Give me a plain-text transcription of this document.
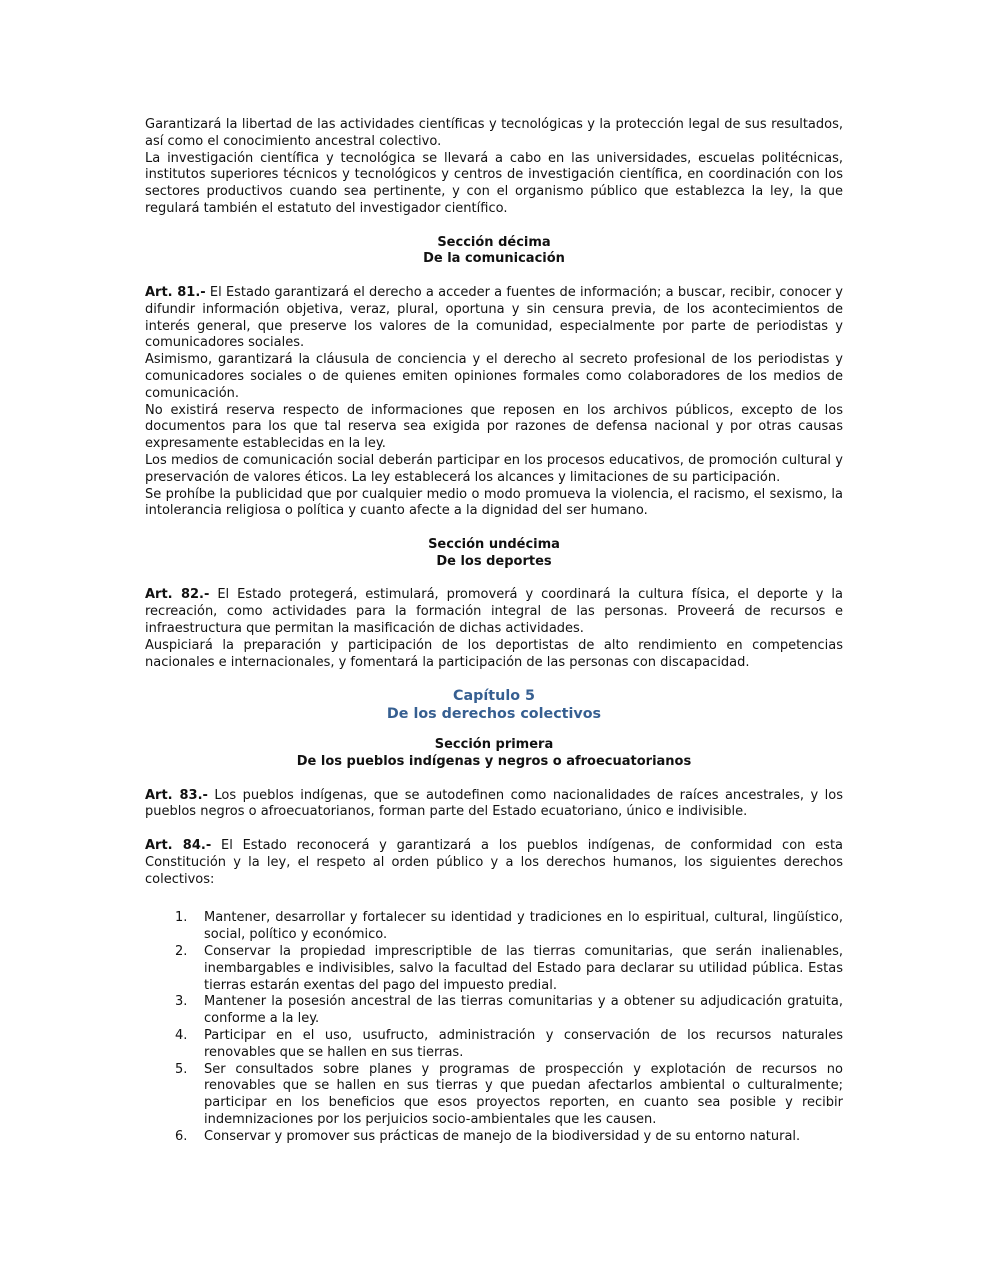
Garantizará la libertad de las actividades científicas y tecnológicas y la protección legal de sus resultados, así como el conocimiento ancestral colectivo.

La investigación científica y tecnológica se llevará a cabo en las universidades, escuelas politécnicas, institutos superiores técnicos y tecnológicos y centros de investigación científica, en coordinación con los sectores productivos cuando sea pertinente, y con el organismo público que establezca la ley, la que regulará también el estatuto del investigador científico.

Sección décima
De la comunicación

Art. 81.- El Estado garantizará el derecho a acceder a fuentes de información; a buscar, recibir, conocer y difundir información objetiva, veraz, plural, oportuna y sin censura previa, de los acontecimientos de interés general, que preserve los valores de la comunidad, especialmente por parte de periodistas y comunicadores sociales.

Asimismo, garantizará la cláusula de conciencia y el derecho al secreto profesional de los periodistas y comunicadores sociales o de quienes emiten opiniones formales como colaboradores de los medios de comunicación.

No existirá reserva respecto de informaciones que reposen en los archivos públicos, excepto de los documentos para los que tal reserva sea exigida por razones de defensa nacional y por otras causas expresamente establecidas en la ley.

Los medios de comunicación social deberán participar en los procesos educativos, de promoción cultural y preservación de valores éticos. La ley establecerá los alcances y limitaciones de su participación.

Se prohíbe la publicidad que por cualquier medio o modo promueva la violencia, el racismo, el sexismo, la intolerancia religiosa o política y cuanto afecte a la dignidad del ser humano.

Sección undécima
De los deportes

Art. 82.- El Estado protegerá, estimulará, promoverá y coordinará la cultura física, el deporte y la recreación, como actividades para la formación integral de las personas. Proveerá de recursos e infraestructura que permitan la masificación de dichas actividades.

Auspiciará la preparación y participación de los deportistas de alto rendimiento en competencias nacionales e internacionales, y fomentará la participación de las personas con discapacidad.

Capítulo 5
De los derechos colectivos
Sección primera
De los pueblos indígenas y negros o afroecuatorianos

Art. 83.- Los pueblos indígenas, que se autodefinen como nacionalidades de raíces ancestrales, y los pueblos negros o afroecuatorianos, forman parte del Estado ecuatoriano, único e indivisible.

Art. 84.- El Estado reconocerá y garantizará a los pueblos indígenas, de conformidad con esta Constitución y la ley, el respeto al orden público y a los derechos humanos, los siguientes derechos colectivos:

1. Mantener, desarrollar y fortalecer su identidad y tradiciones en lo espiritual, cultural, lingüístico, social, político y económico.
2. Conservar la propiedad imprescriptible de las tierras comunitarias, que serán inalienables, inembargables e indivisibles, salvo la facultad del Estado para declarar su utilidad pública. Estas tierras estarán exentas del pago del impuesto predial.
3. Mantener la posesión ancestral de las tierras comunitarias y a obtener su adjudicación gratuita, conforme a la ley.
4. Participar en el uso, usufructo, administración y conservación de los recursos naturales renovables que se hallen en sus tierras.
5. Ser consultados sobre planes y programas de prospección y explotación de recursos no renovables que se hallen en sus tierras y que puedan afectarlos ambiental o culturalmente; participar en los beneficios que esos proyectos reporten, en cuanto sea posible y recibir indemnizaciones por los perjuicios socio-ambientales que les causen.
6. Conservar y promover sus prácticas de manejo de la biodiversidad y de su entorno natural.
